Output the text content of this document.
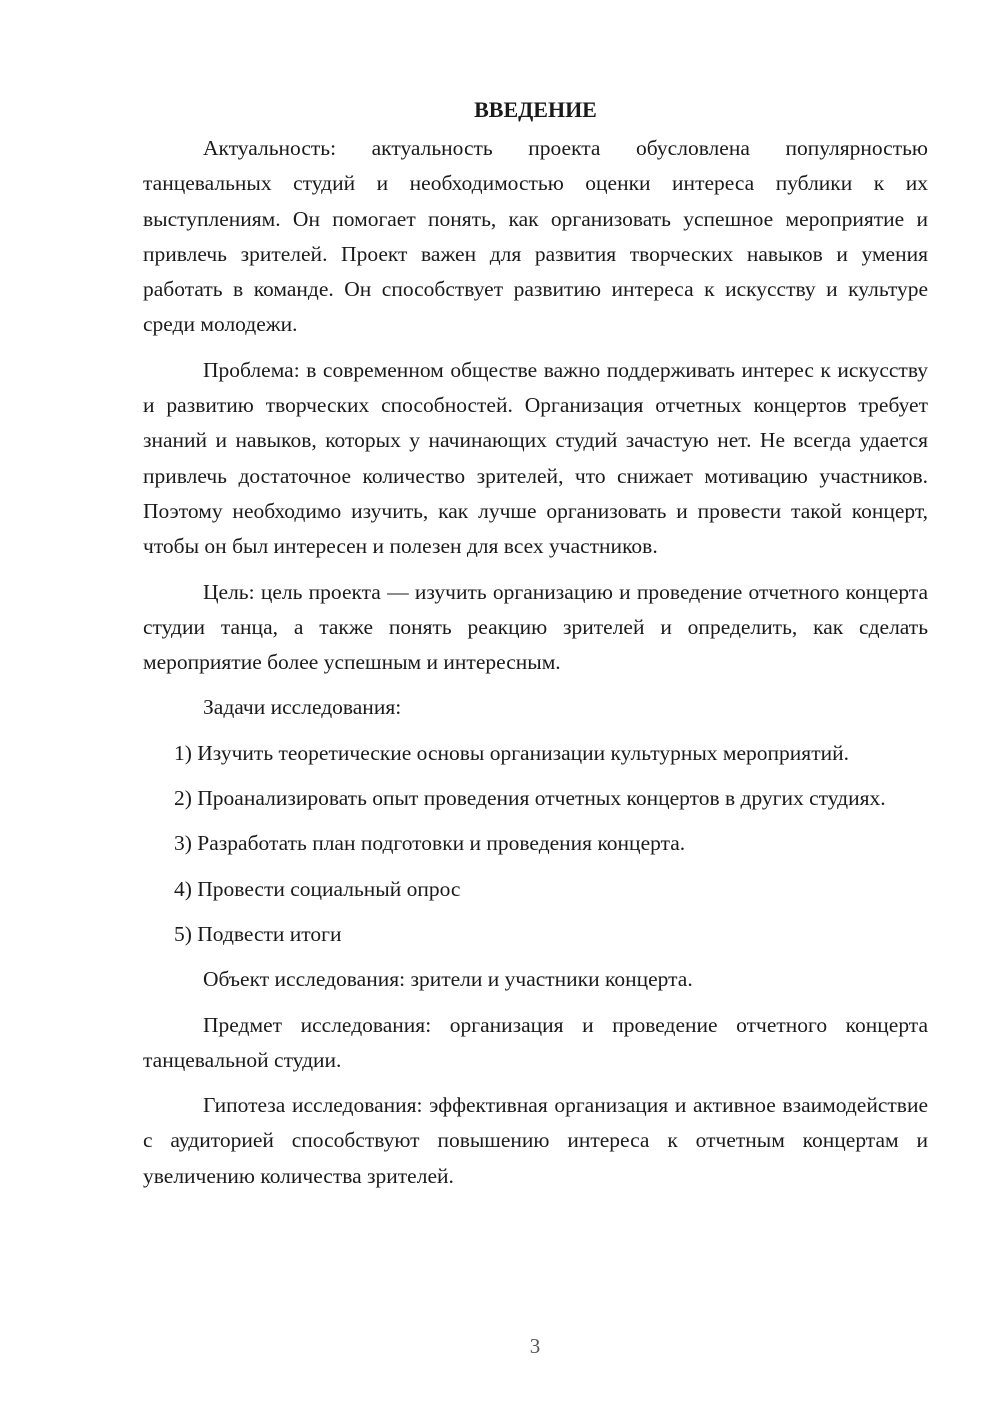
ВВЕДЕНИЕ

Актуальность: актуальность проекта обусловлена популярностью танцевальных студий и необходимостью оценки интереса публики к их выступлениям. Он помогает понять, как организовать успешное мероприятие и привлечь зрителей. Проект важен для развития творческих навыков и умения работать в команде. Он способствует развитию интереса к искусству и культуре среди молодежи.

Проблема: в современном обществе важно поддерживать интерес к искусству и развитию творческих способностей. Организация отчетных концертов требует знаний и навыков, которых у начинающих студий зачастую нет. Не всегда удается привлечь достаточное количество зрителей, что снижает мотивацию участников. Поэтому необходимо изучить, как лучше организовать и провести такой концерт, чтобы он был интересен и полезен для всех участников.

Цель: цель проекта — изучить организацию и проведение отчетного концерта студии танца, а также понять реакцию зрителей и определить, как сделать мероприятие более успешным и интересным.

Задачи исследования:

1) Изучить теоретические основы организации культурных мероприятий.

2) Проанализировать опыт проведения отчетных концертов в других студиях.

3) Разработать план подготовки и проведения концерта.

4) Провести социальный опрос

5) Подвести итоги

Объект исследования: зрители и участники концерта.

Предмет исследования: организация и проведение отчетного концерта танцевальной студии.

Гипотеза исследования: эффективная организация и активное взаимодействие с аудиторией способствуют повышению интереса к отчетным концертам и увеличению количества зрителей.

3
